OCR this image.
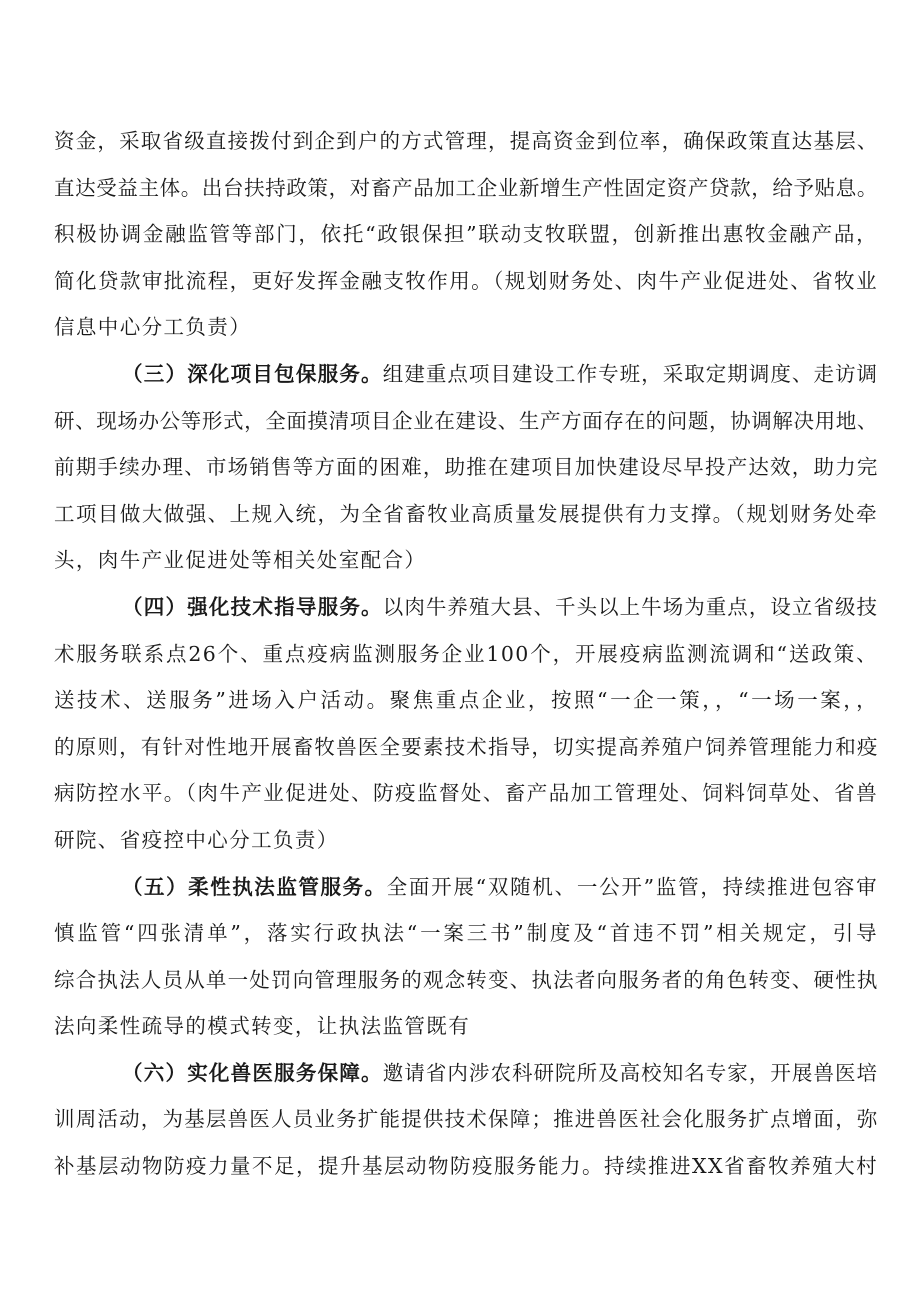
资金，采取省级直接拨付到企到户的方式管理，提高资金到位率，确保政策直达基层、
直达受益主体。出台扶持政策，对畜产品加工企业新增生产性固定资产贷款，给予贴息。
积极协调金融监管等部门，依托“政银保担”联动支牧联盟，创新推出惠牧金融产品，
简化贷款审批流程，更好发挥金融支牧作用。（规划财务处、肉牛产业促进处、省牧业
信息中心分工负责）
（三）深化项目包保服务。组建重点项目建设工作专班，采取定期调度、走访调
研、现场办公等形式，全面摸清项目企业在建设、生产方面存在的问题，协调解决用地、
前期手续办理、市场销售等方面的困难，助推在建项目加快建设尽早投产达效，助力完
工项目做大做强、上规入统，为全省畜牧业高质量发展提供有力支撑。（规划财务处牵
头，肉牛产业促进处等相关处室配合）
（四）强化技术指导服务。以肉牛养殖大县、千头以上牛场为重点，设立省级技
术服务联系点26个、重点疫病监测服务企业100个，开展疫病监测流调和“送政策、
送技术、送服务”进场入户活动。聚焦重点企业，按照“一企一策，，“一场一案，，
的原则，有针对性地开展畜牧兽医全要素技术指导，切实提高养殖户饲养管理能力和疫
病防控水平。（肉牛产业促进处、防疫监督处、畜产品加工管理处、饲料饲草处、省兽
研院、省疫控中心分工负责）
（五）柔性执法监管服务。全面开展“双随机、一公开”监管，持续推进包容审
慎监管“四张清单”，落实行政执法“一案三书”制度及“首违不罚”相关规定，引导
综合执法人员从单一处罚向管理服务的观念转变、执法者向服务者的角色转变、硬性执
法向柔性疏导的模式转变，让执法监管既有
（六）实化兽医服务保障。邀请省内涉农科研院所及高校知名专家，开展兽医培
训周活动，为基层兽医人员业务扩能提供技术保障；推进兽医社会化服务扩点增面，弥
补基层动物防疫力量不足，提升基层动物防疫服务能力。持续推进XX省畜牧养殖大村
